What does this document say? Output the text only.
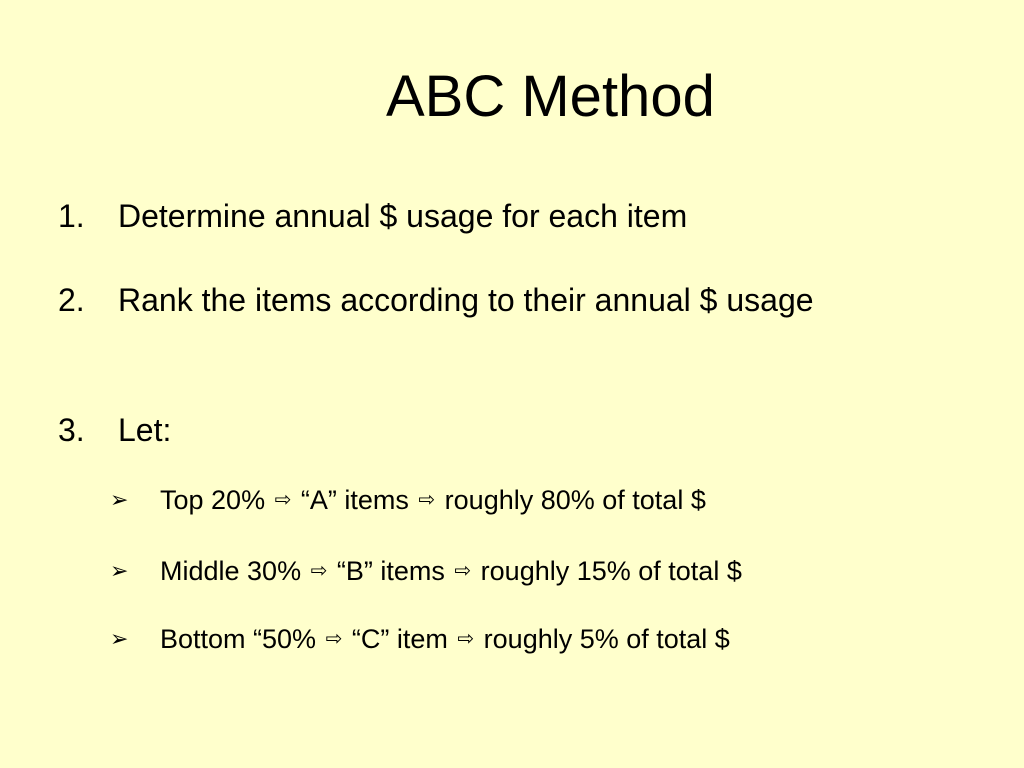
ABC Method
1.	Determine annual $ usage for each item
2.	Rank the items according to their annual $ usage
3.	Let:
➢ Top 20% ⇨ “A” items ⇨ roughly 80% of total $
➢ Middle 30% ⇨ “B” items ⇨ roughly 15% of total $
➢ Bottom “50% ⇨ “C” item ⇨ roughly 5% of total $
